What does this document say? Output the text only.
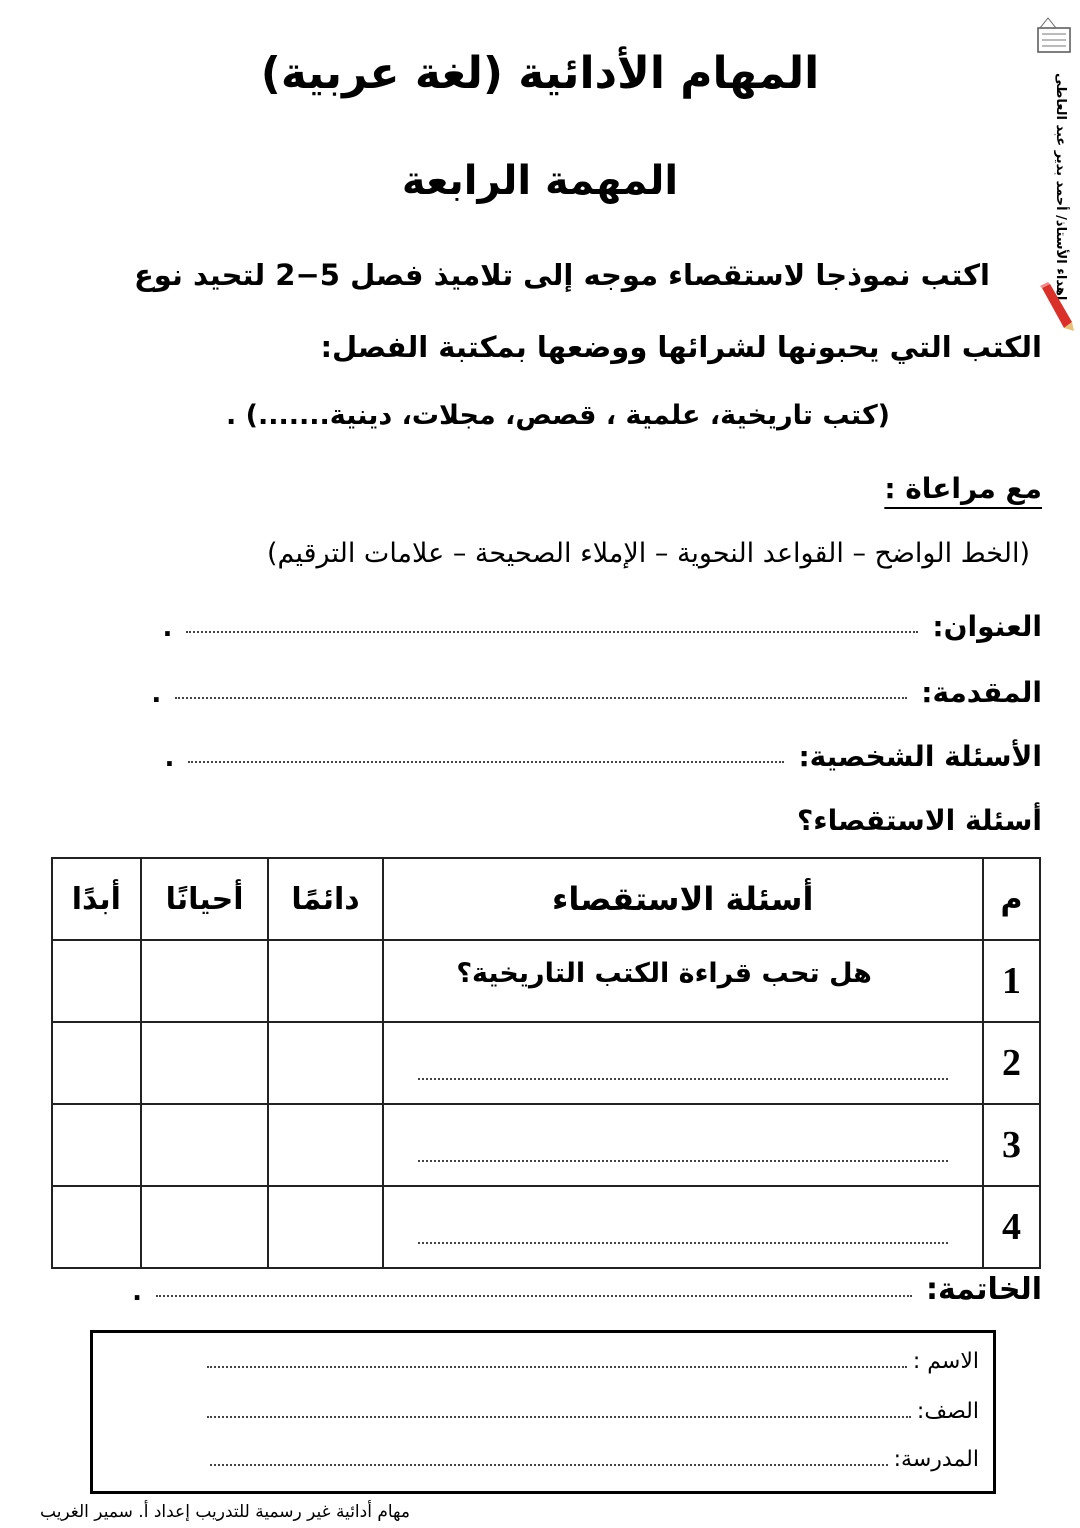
إهداء الأستاذ/ أحمد بدير عبد العاطى
المهام الأدائية (لغة عربية)
المهمة الرابعة
اكتب نموذجا لاستقصاء موجه إلى تلاميذ فصل 5−2 لتحيد نوع
الكتب التي يحبونها لشرائها ووضعها بمكتبة الفصل:
(كتب تاريخية، علمية ، قصص، مجلات، دينية.......) .
مع مراعاة :
(الخط الواضح – القواعد النحوية – الإملاء الصحيحة – علامات الترقيم)
العنوان:
.
المقدمة:
.
الأسئلة الشخصية:
.
أسئلة الاستقصاء؟
م	أسئلة الاستقصاء	دائمًا	أحيانًا	أبدًا
1	هل تحب قراءة الكتب التاريخية؟			

2	

3	

4	

الخاتمة:
.
الاسم :
الصف:
المدرسة:
مهام أدائية غير رسمية للتدريب إعداد أ. سمير الغريب
